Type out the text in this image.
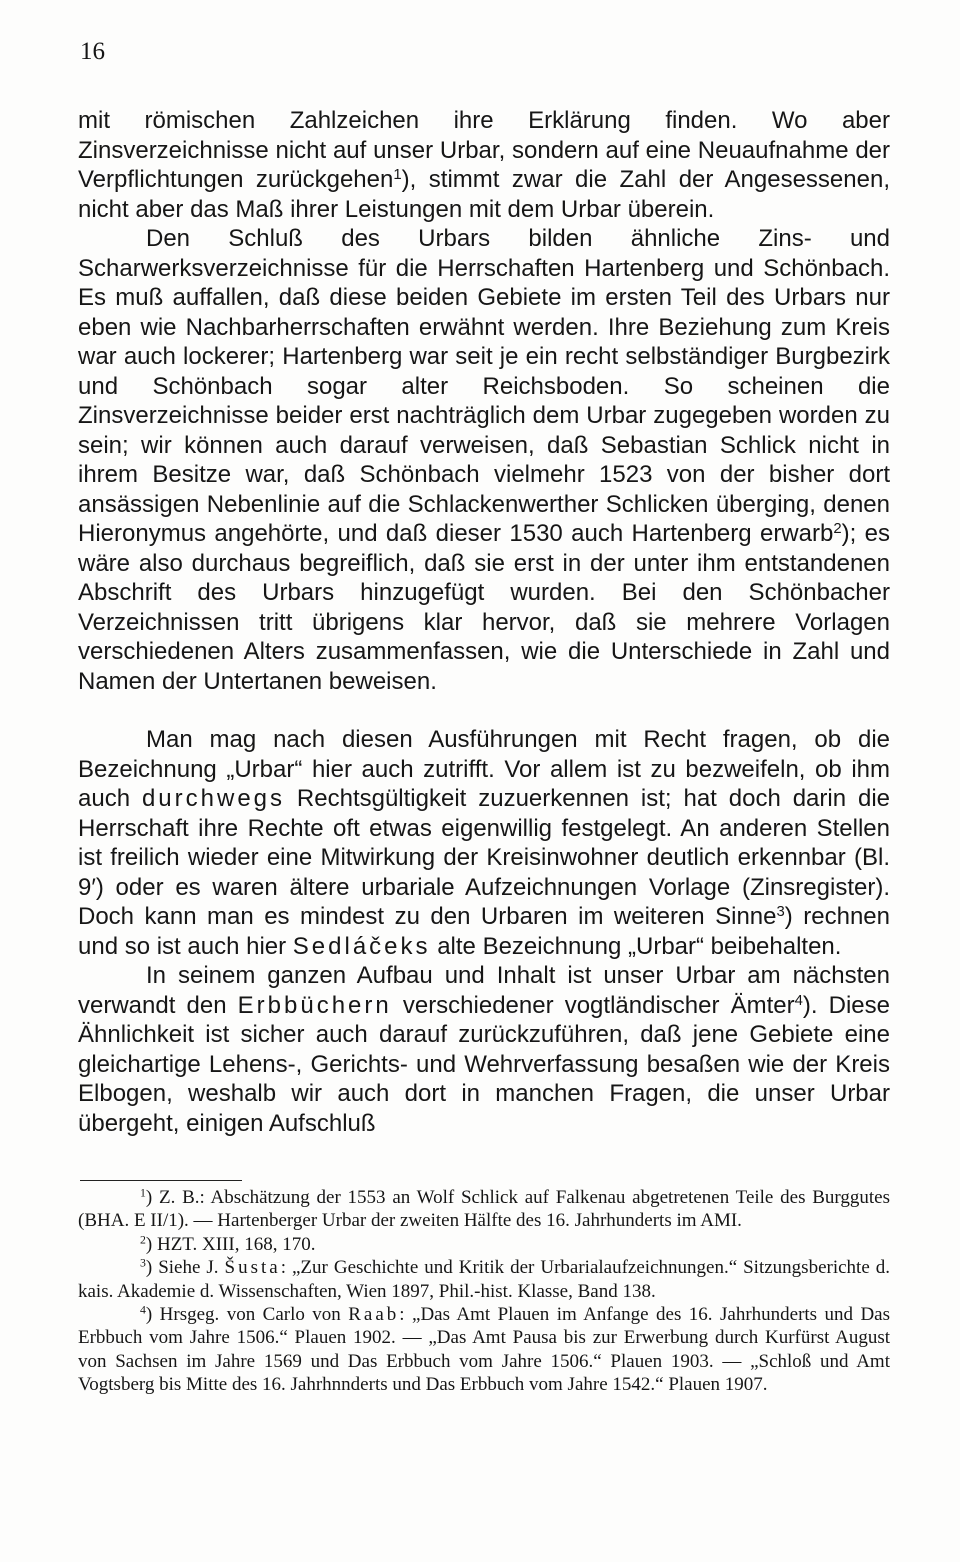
16

mit römischen Zahlzeichen ihre Erklärung finden. Wo aber Zinsverzeichnisse nicht auf unser Urbar, sondern auf eine Neuaufnahme der Verpflichtungen zurückgehen$^1$), stimmt zwar die Zahl der Angesessenen, nicht aber das Maß ihrer Leistungen mit dem Urbar überein.

Den Schluß des Urbars bilden ähnliche Zins- und Scharwerksverzeichnisse für die Herrschaften Hartenberg und Schönbach. Es muß auffallen, daß diese beiden Gebiete im ersten Teil des Urbars nur eben wie Nachbarherrschaften erwähnt werden. Ihre Beziehung zum Kreis war auch lockerer; Hartenberg war seit je ein recht selbständiger Burgbezirk und Schönbach sogar alter Reichsboden. So scheinen die Zinsverzeichnisse beider erst nachträglich dem Urbar zugegeben worden zu sein; wir können auch darauf verweisen, daß Sebastian Schlick nicht in ihrem Besitze war, daß Schönbach vielmehr 1523 von der bisher dort ansässigen Nebenlinie auf die Schlackenwerther Schlicken überging, denen Hieronymus angehörte, und daß dieser 1530 auch Hartenberg erwarb$^2$); es wäre also durchaus begreiflich, daß sie erst in der unter ihm entstandenen Abschrift des Urbars hinzugefügt wurden. Bei den Schönbacher Verzeichnissen tritt übrigens klar hervor, daß sie mehrere Vorlagen verschiedenen Alters zusammenfassen, wie die Unterschiede in Zahl und Namen der Untertanen beweisen.

Man mag nach diesen Ausführungen mit Recht fragen, ob die Bezeichnung „Urbar“ hier auch zutrifft. Vor allem ist zu bezweifeln, ob ihm auch durchwegs Rechtsgültigkeit zuzuerkennen ist; hat doch darin die Herrschaft ihre Rechte oft etwas eigenwillig festgelegt. An anderen Stellen ist freilich wieder eine Mitwirkung der Kreisinwohner deutlich erkennbar (Bl. 9′) oder es waren ältere urbariale Aufzeichnungen Vorlage (Zinsregister). Doch kann man es mindest zu den Urbaren im weiteren Sinne$^3$) rechnen und so ist auch hier Sedláčeks alte Bezeichnung „Urbar“ beibehalten.

In seinem ganzen Aufbau und Inhalt ist unser Urbar am nächsten verwandt den Erbbüchern verschiedener vogtländischer Ämter$^4$). Diese Ähnlichkeit ist sicher auch darauf zurückzuführen, daß jene Gebiete eine gleichartige Lehens-, Gerichts- und Wehrverfassung besaßen wie der Kreis Elbogen, weshalb wir auch dort in manchen Fragen, die unser Urbar übergeht, einigen Aufschluß

$^1$) Z. B.: Abschätzung der 1553 an Wolf Schlick auf Falkenau abgetretenen Teile des Burggutes (BHA. E II/1). — Hartenberger Urbar der zweiten Hälfte des 16. Jahrhunderts im AMI.

$^2$) HZT. XIII, 168, 170.

$^3$) Siehe J. Šusta: „Zur Geschichte und Kritik der Urbarialaufzeichnungen.“ Sitzungsberichte d. kais. Akademie d. Wissenschaften, Wien 1897, Phil.-hist. Klasse, Band 138.

$^4$) Hrsgeg. von Carlo von Raab: „Das Amt Plauen im Anfange des 16. Jahrhunderts und Das Erbbuch vom Jahre 1506.“ Plauen 1902. — „Das Amt Pausa bis zur Erwerbung durch Kurfürst August von Sachsen im Jahre 1569 und Das Erbbuch vom Jahre 1506.“ Plauen 1903. — „Schloß und Amt Vogtsberg bis Mitte des 16. Jahrhnnderts und Das Erbbuch vom Jahre 1542.“ Plauen 1907.
